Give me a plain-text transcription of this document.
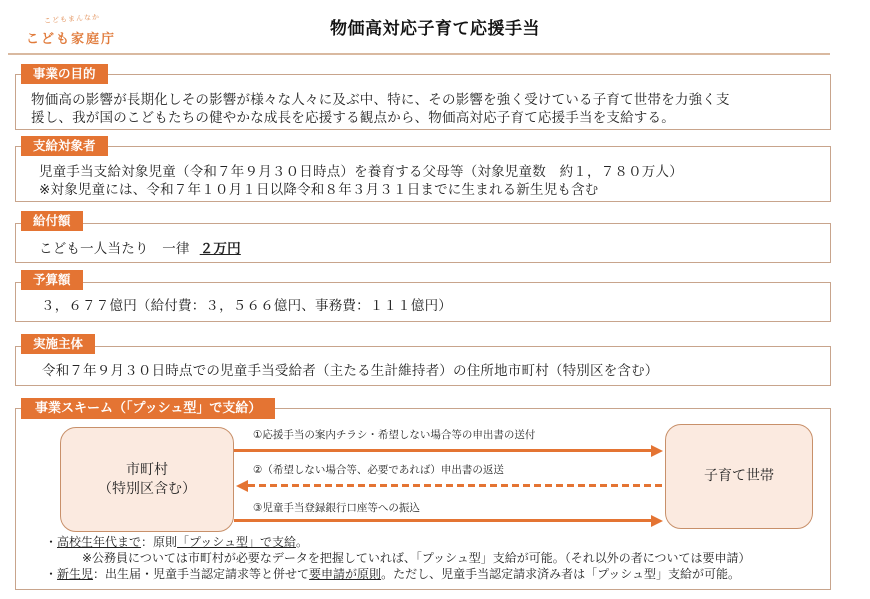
こどもまんなか
こども家庭庁
物価高対応子育て応援手当
事業の目的
物価高の影響が長期化しその影響が様々な人々に及ぶ中、特に、その影響を強く受けている子育て世帯を力強く支
援し、我が国のこどもたちの健やかな成長を応援する観点から、物価高対応子育て応援手当を支給する。
支給対象者
児童手当支給対象児童（令和７年９月３０日時点）を養育する父母等（対象児童数　約１，７８０万人）
※対象児童には、令和７年１０月１日以降令和８年３月３１日までに生まれる新生児も含む
給付額
こども一人当たり　一律 ２万円
予算額
３，６７７億円（給付費：３，５６６億円、事務費：１１１億円）
実施主体
令和７年９月３０日時点での児童手当受給者（主たる生計維持者）の住所地市町村（特別区を含む）
事業スキーム（「プッシュ型」で支給）
市町村
（特別区含む）
子育て世帯
①応援手当の案内チラシ・希望しない場合等の申出書の送付
②（希望しない場合等、必要であれば）申出書の返送
③児童手当登録銀行口座等への振込
・高校生年代まで：原則「プッシュ型」で支給。
※公務員については市町村が必要なデータを把握していれば、「プッシュ型」支給が可能。（それ以外の者については要申請）
・新生児：出生届・児童手当認定請求等と併せて要申請が原則。ただし、児童手当認定請求済み者は「プッシュ型」支給が可能。
